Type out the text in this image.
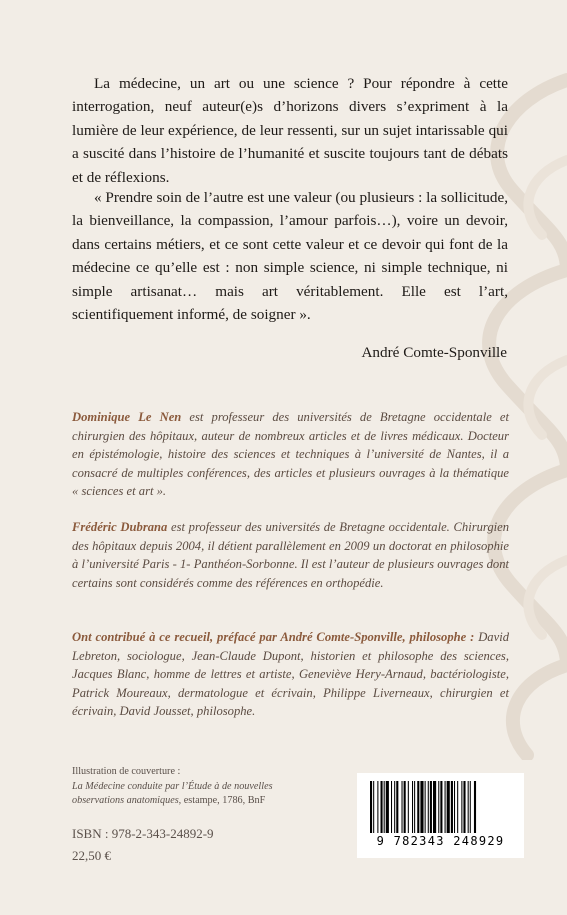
La médecine, un art ou une science ? Pour répondre à cette interrogation, neuf auteur(e)s d’horizons divers s’expriment à la lumière de leur expérience, de leur ressenti, sur un sujet intarissable qui a suscité dans l’histoire de l’humanité et suscite toujours tant de débats et de réflexions.

« Prendre soin de l’autre est une valeur (ou plusieurs : la sollicitude, la bienveillance, la compassion, l’amour parfois…), voire un devoir, dans certains métiers, et ce sont cette valeur et ce devoir qui font de la médecine ce qu’elle est : non simple science, ni simple technique, ni simple artisanat… mais art véritablement. Elle est l’art, scientifiquement informé, de soigner ».

André Comte-Sponville

Dominique Le Nen est professeur des universités de Bretagne occidentale et chirurgien des hôpitaux, auteur de nombreux articles et de livres médicaux. Docteur en épistémologie, histoire des sciences et techniques à l’université de Nantes, il a consacré de multiples conférences, des articles et plusieurs ouvrages à la thématique « sciences et art ».

Frédéric Dubrana est professeur des universités de Bretagne occidentale. Chirurgien des hôpitaux depuis 2004, il détient parallèlement en 2009 un doctorat en philosophie à l’université Paris - 1- Panthéon-Sorbonne. Il est l’auteur de plusieurs ouvrages dont certains sont considérés comme des références en orthopédie.

Ont contribué à ce recueil, préfacé par André Comte-Sponville, philosophe : David Lebreton, sociologue, Jean-Claude Dupont, historien et philosophe des sciences, Jacques Blanc, homme de lettres et artiste, Geneviève Hery-Arnaud, bactériologiste, Patrick Moureaux, dermatologue et écrivain, Philippe Liverneaux, chirurgien et écrivain, David Jousset, philosophe.

Illustration de couverture :
La Médecine conduite par l’Étude à de nouvelles observations anatomiques, estampe, 1786, BnF

ISBN : 978-2-343-24892-9

22,50 €

9 782343 248929
